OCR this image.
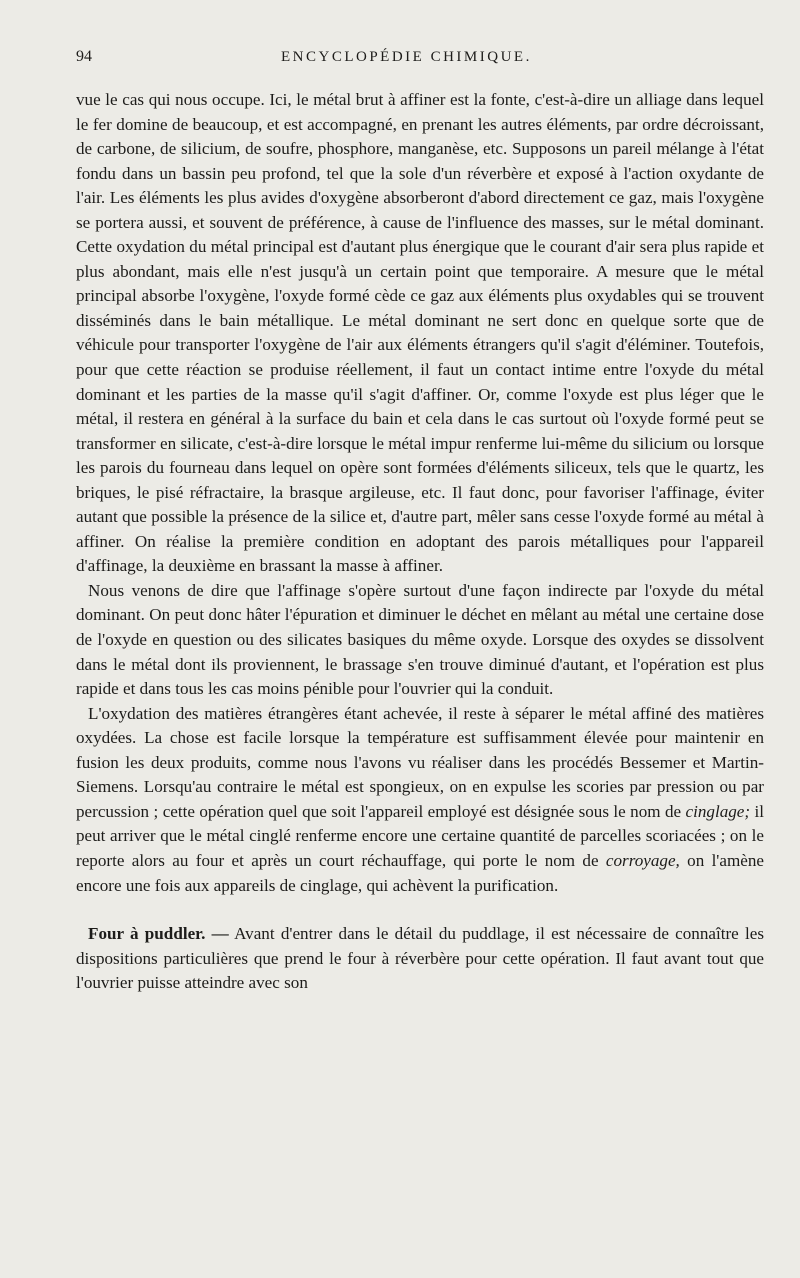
94	ENCYCLOPÉDIE CHIMIQUE.

vue le cas qui nous occupe. Ici, le métal brut à affiner est la fonte, c'est-à-dire un alliage dans lequel le fer domine de beaucoup, et est accompagné, en prenant les autres éléments, par ordre décroissant, de carbone, de silicium, de soufre, phosphore, manganèse, etc. Supposons un pareil mélange à l'état fondu dans un bassin peu profond, tel que la sole d'un réverbère et exposé à l'action oxydante de l'air. Les éléments les plus avides d'oxygène absorberont d'abord directement ce gaz, mais l'oxygène se portera aussi, et souvent de préférence, à cause de l'influence des masses, sur le métal dominant. Cette oxydation du métal principal est d'autant plus énergique que le courant d'air sera plus rapide et plus abondant, mais elle n'est jusqu'à un certain point que temporaire. A mesure que le métal principal absorbe l'oxygène, l'oxyde formé cède ce gaz aux éléments plus oxydables qui se trouvent disséminés dans le bain métallique. Le métal dominant ne sert donc en quelque sorte que de véhicule pour transporter l'oxygène de l'air aux éléments étrangers qu'il s'agit d'éléminer. Toutefois, pour que cette réaction se produise réellement, il faut un contact intime entre l'oxyde du métal dominant et les parties de la masse qu'il s'agit d'affiner. Or, comme l'oxyde est plus léger que le métal, il restera en général à la surface du bain et cela dans le cas surtout où l'oxyde formé peut se transformer en silicate, c'est-à-dire lorsque le métal impur renferme lui-même du silicium ou lorsque les parois du fourneau dans lequel on opère sont formées d'éléments siliceux, tels que le quartz, les briques, le pisé réfractaire, la brasque argileuse, etc. Il faut donc, pour favoriser l'affinage, éviter autant que possible la présence de la silice et, d'autre part, mêler sans cesse l'oxyde formé au métal à affiner. On réalise la première condition en adoptant des parois métalliques pour l'appareil d'affinage, la deuxième en brassant la masse à affiner.

Nous venons de dire que l'affinage s'opère surtout d'une façon indirecte par l'oxyde du métal dominant. On peut donc hâter l'épuration et diminuer le déchet en mêlant au métal une certaine dose de l'oxyde en question ou des silicates basiques du même oxyde. Lorsque des oxydes se dissolvent dans le métal dont ils proviennent, le brassage s'en trouve diminué d'autant, et l'opération est plus rapide et dans tous les cas moins pénible pour l'ouvrier qui la conduit.

L'oxydation des matières étrangères étant achevée, il reste à séparer le métal affiné des matières oxydées. La chose est facile lorsque la température est suffisamment élevée pour maintenir en fusion les deux produits, comme nous l'avons vu réaliser dans les procédés Bessemer et Martin-Siemens. Lorsqu'au contraire le métal est spongieux, on en expulse les scories par pression ou par percussion ; cette opération quel que soit l'appareil employé est désignée sous le nom de cinglage; il peut arriver que le métal cinglé renferme encore une certaine quantité de parcelles scoriacées ; on le reporte alors au four et après un court réchauffage, qui porte le nom de corroyage, on l'amène encore une fois aux appareils de cinglage, qui achèvent la purification.

Four à puddler. — Avant d'entrer dans le détail du puddlage, il est nécessaire de connaître les dispositions particulières que prend le four à réverbère pour cette opération. Il faut avant tout que l'ouvrier puisse atteindre avec son
